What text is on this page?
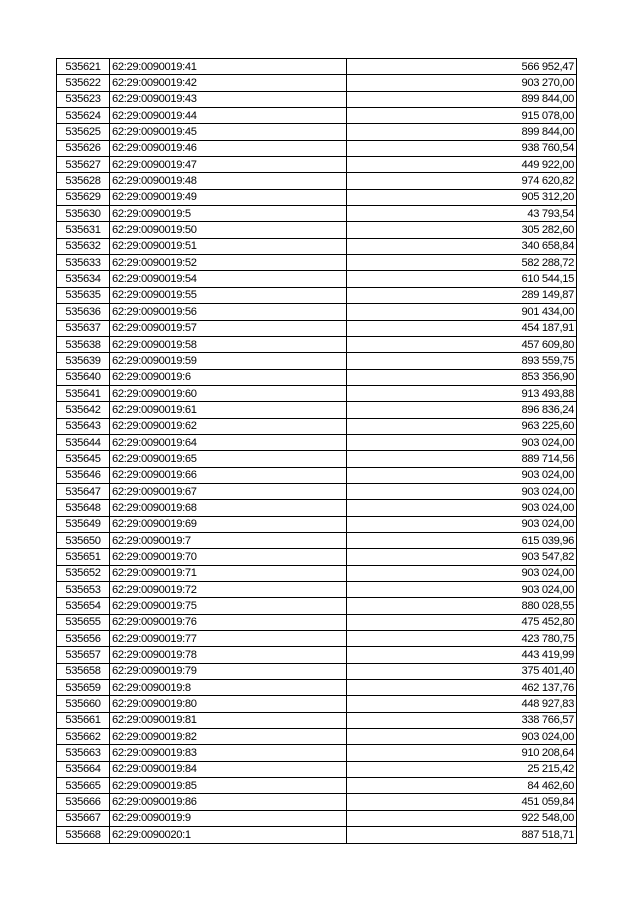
535621	62:29:0090019:41	566 952,47
535622	62:29:0090019:42	903 270,00
535623	62:29:0090019:43	899 844,00
535624	62:29:0090019:44	915 078,00
535625	62:29:0090019:45	899 844,00
535626	62:29:0090019:46	938 760,54
535627	62:29:0090019:47	449 922,00
535628	62:29:0090019:48	974 620,82
535629	62:29:0090019:49	905 312,20
535630	62:29:0090019:5	43 793,54
535631	62:29:0090019:50	305 282,60
535632	62:29:0090019:51	340 658,84
535633	62:29:0090019:52	582 288,72
535634	62:29:0090019:54	610 544,15
535635	62:29:0090019:55	289 149,87
535636	62:29:0090019:56	901 434,00
535637	62:29:0090019:57	454 187,91
535638	62:29:0090019:58	457 609,80
535639	62:29:0090019:59	893 559,75
535640	62:29:0090019:6	853 356,90
535641	62:29:0090019:60	913 493,88
535642	62:29:0090019:61	896 836,24
535643	62:29:0090019:62	963 225,60
535644	62:29:0090019:64	903 024,00
535645	62:29:0090019:65	889 714,56
535646	62:29:0090019:66	903 024,00
535647	62:29:0090019:67	903 024,00
535648	62:29:0090019:68	903 024,00
535649	62:29:0090019:69	903 024,00
535650	62:29:0090019:7	615 039,96
535651	62:29:0090019:70	903 547,82
535652	62:29:0090019:71	903 024,00
535653	62:29:0090019:72	903 024,00
535654	62:29:0090019:75	880 028,55
535655	62:29:0090019:76	475 452,80
535656	62:29:0090019:77	423 780,75
535657	62:29:0090019:78	443 419,99
535658	62:29:0090019:79	375 401,40
535659	62:29:0090019:8	462 137,76
535660	62:29:0090019:80	448 927,83
535661	62:29:0090019:81	338 766,57
535662	62:29:0090019:82	903 024,00
535663	62:29:0090019:83	910 208,64
535664	62:29:0090019:84	25 215,42
535665	62:29:0090019:85	84 462,60
535666	62:29:0090019:86	451 059,84
535667	62:29:0090019:9	922 548,00
535668	62:29:0090020:1	887 518,71
